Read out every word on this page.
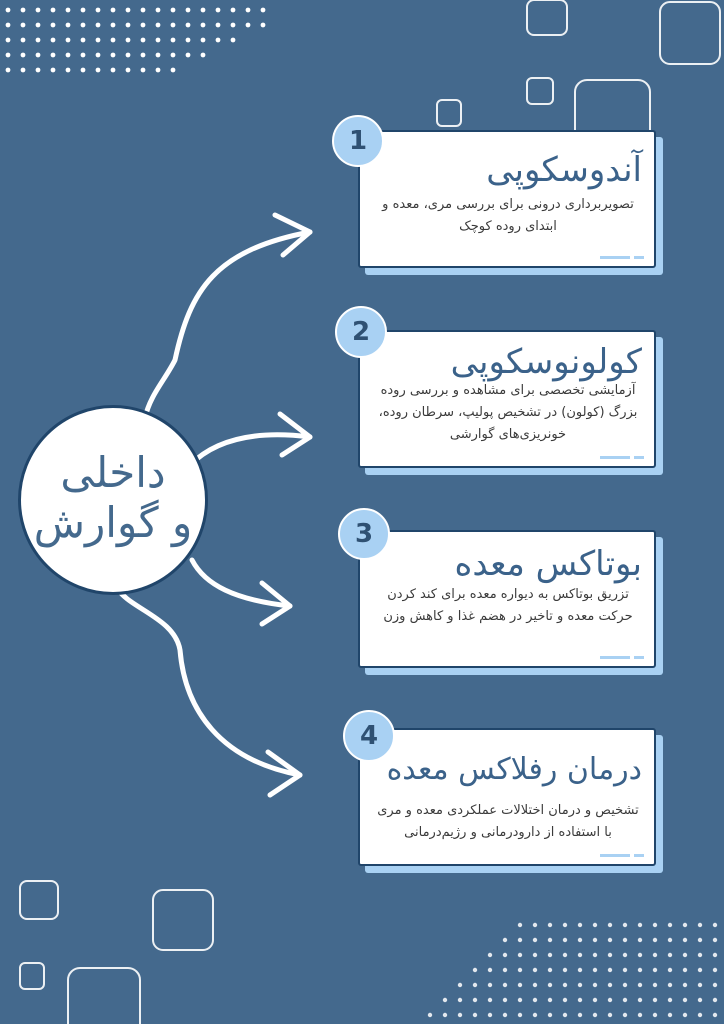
داخلی
و گوارش
آندوسکوپی
تصویربرداری درونی برای بررسی مری، معده و ابتدای روده کوچک
1
کولونوسکوپی
آزمایشی تخصصی برای مشاهده و بررسی روده بزرگ (کولون) در تشخیص پولیپ، سرطان روده، خونریزی‌های گوارشی
2
بوتاکس معده
تزریق بوتاکس به دیواره معده برای کند کردن حرکت معده و تاخیر در هضم غذا و کاهش وزن
3
درمان رفلاکس معده
تشخیص و درمان اختلالات عملکردی معده و مری با استفاده از دارودرمانی و رژیم‌درمانی
4
